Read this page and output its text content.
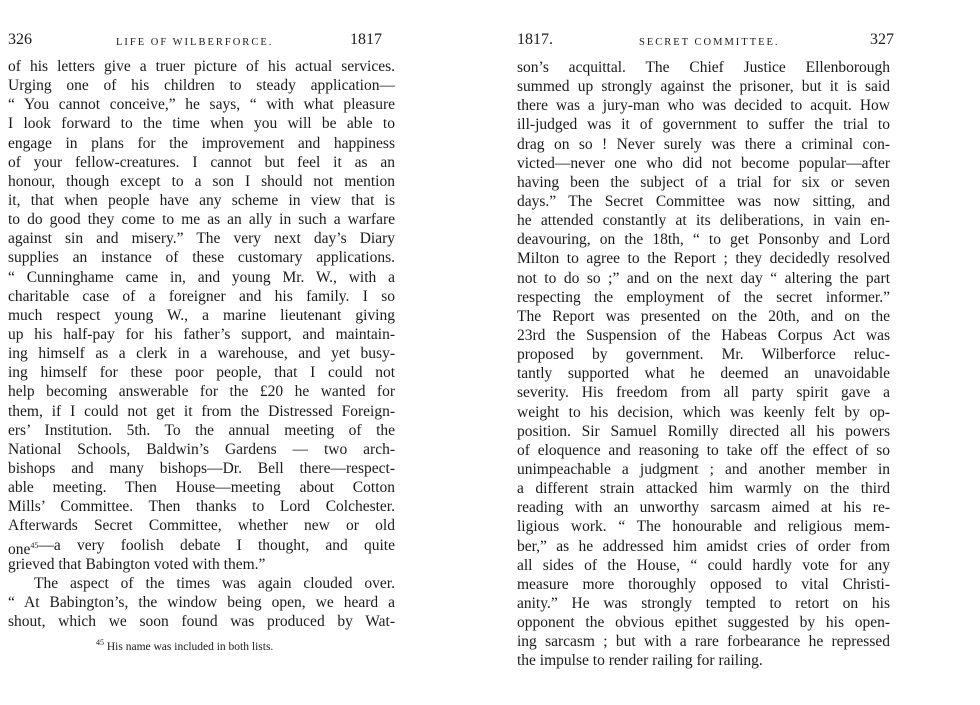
326	LIFE OF WILBERFORCE.	1817
of his letters give a truer picture of his actual services.
Urging one of his children to steady application—
“ You cannot conceive,” he says, “ with what pleasure
I look forward to the time when you will be able to
engage in plans for the improvement and happiness
of your fellow-creatures. I cannot but feel it as an
honour, though except to a son I should not mention
it, that when people have any scheme in view that is
to do good they come to me as an ally in such a warfare
against sin and misery.” The very next day’s Diary
supplies an instance of these customary applications.
“ Cunninghame came in, and young Mr. W., with a
charitable case of a foreigner and his family. I so
much respect young W., a marine lieutenant giving
up his half-pay for his father’s support, and maintain-
ing himself as a clerk in a warehouse, and yet busy-
ing himself for these poor people, that I could not
help becoming answerable for the £20 he wanted for
them, if I could not get it from the Distressed Foreign-
ers’ Institution. 5th. To the annual meeting of the
National Schools, Baldwin’s Gardens — two arch-
bishops and many bishops—Dr. Bell there—respect-
able meeting. Then House—meeting about Cotton
Mills’ Committee. Then thanks to Lord Colchester.
Afterwards Secret Committee, whether new or old
one$^{45}$ —a very foolish debate I thought, and quite
grieved that Babington voted with them.”
The aspect of the times was again clouded over.
“ At Babington’s, the window being open, we heard a
shout, which we soon found was produced by Wat-
$^{45}$ His name was included in both lists.
1817.	SECRET COMMITTEE.	327
son’s acquittal. The Chief Justice Ellenborough
summed up strongly against the prisoner, but it is said
there was a jury-man who was decided to acquit. How
ill-judged was it of government to suffer the trial to
drag on so ! Never surely was there a criminal con-
victed—never one who did not become popular—after
having been the subject of a trial for six or seven
days.” The Secret Committee was now sitting, and
he attended constantly at its deliberations, in vain en-
deavouring, on the 18th, “ to get Ponsonby and Lord
Milton to agree to the Report ; they decidedly resolved
not to do so ;” and on the next day “ altering the part
respecting the employment of the secret informer.”
The Report was presented on the 20th, and on the
23rd the Suspension of the Habeas Corpus Act was
proposed by government. Mr. Wilberforce reluc-
tantly supported what he deemed an unavoidable
severity. His freedom from all party spirit gave a
weight to his decision, which was keenly felt by op-
position. Sir Samuel Romilly directed all his powers
of eloquence and reasoning to take off the effect of so
unimpeachable a judgment ; and another member in
a different strain attacked him warmly on the third
reading with an unworthy sarcasm aimed at his re-
ligious work. “ The honourable and religious mem-
ber,” as he addressed him amidst cries of order from
all sides of the House, “ could hardly vote for any
measure more thoroughly opposed to vital Christi-
anity.” He was strongly tempted to retort on his
opponent the obvious epithet suggested by his open-
ing sarcasm ; but with a rare forbearance he repressed
the impulse to render railing for railing.
